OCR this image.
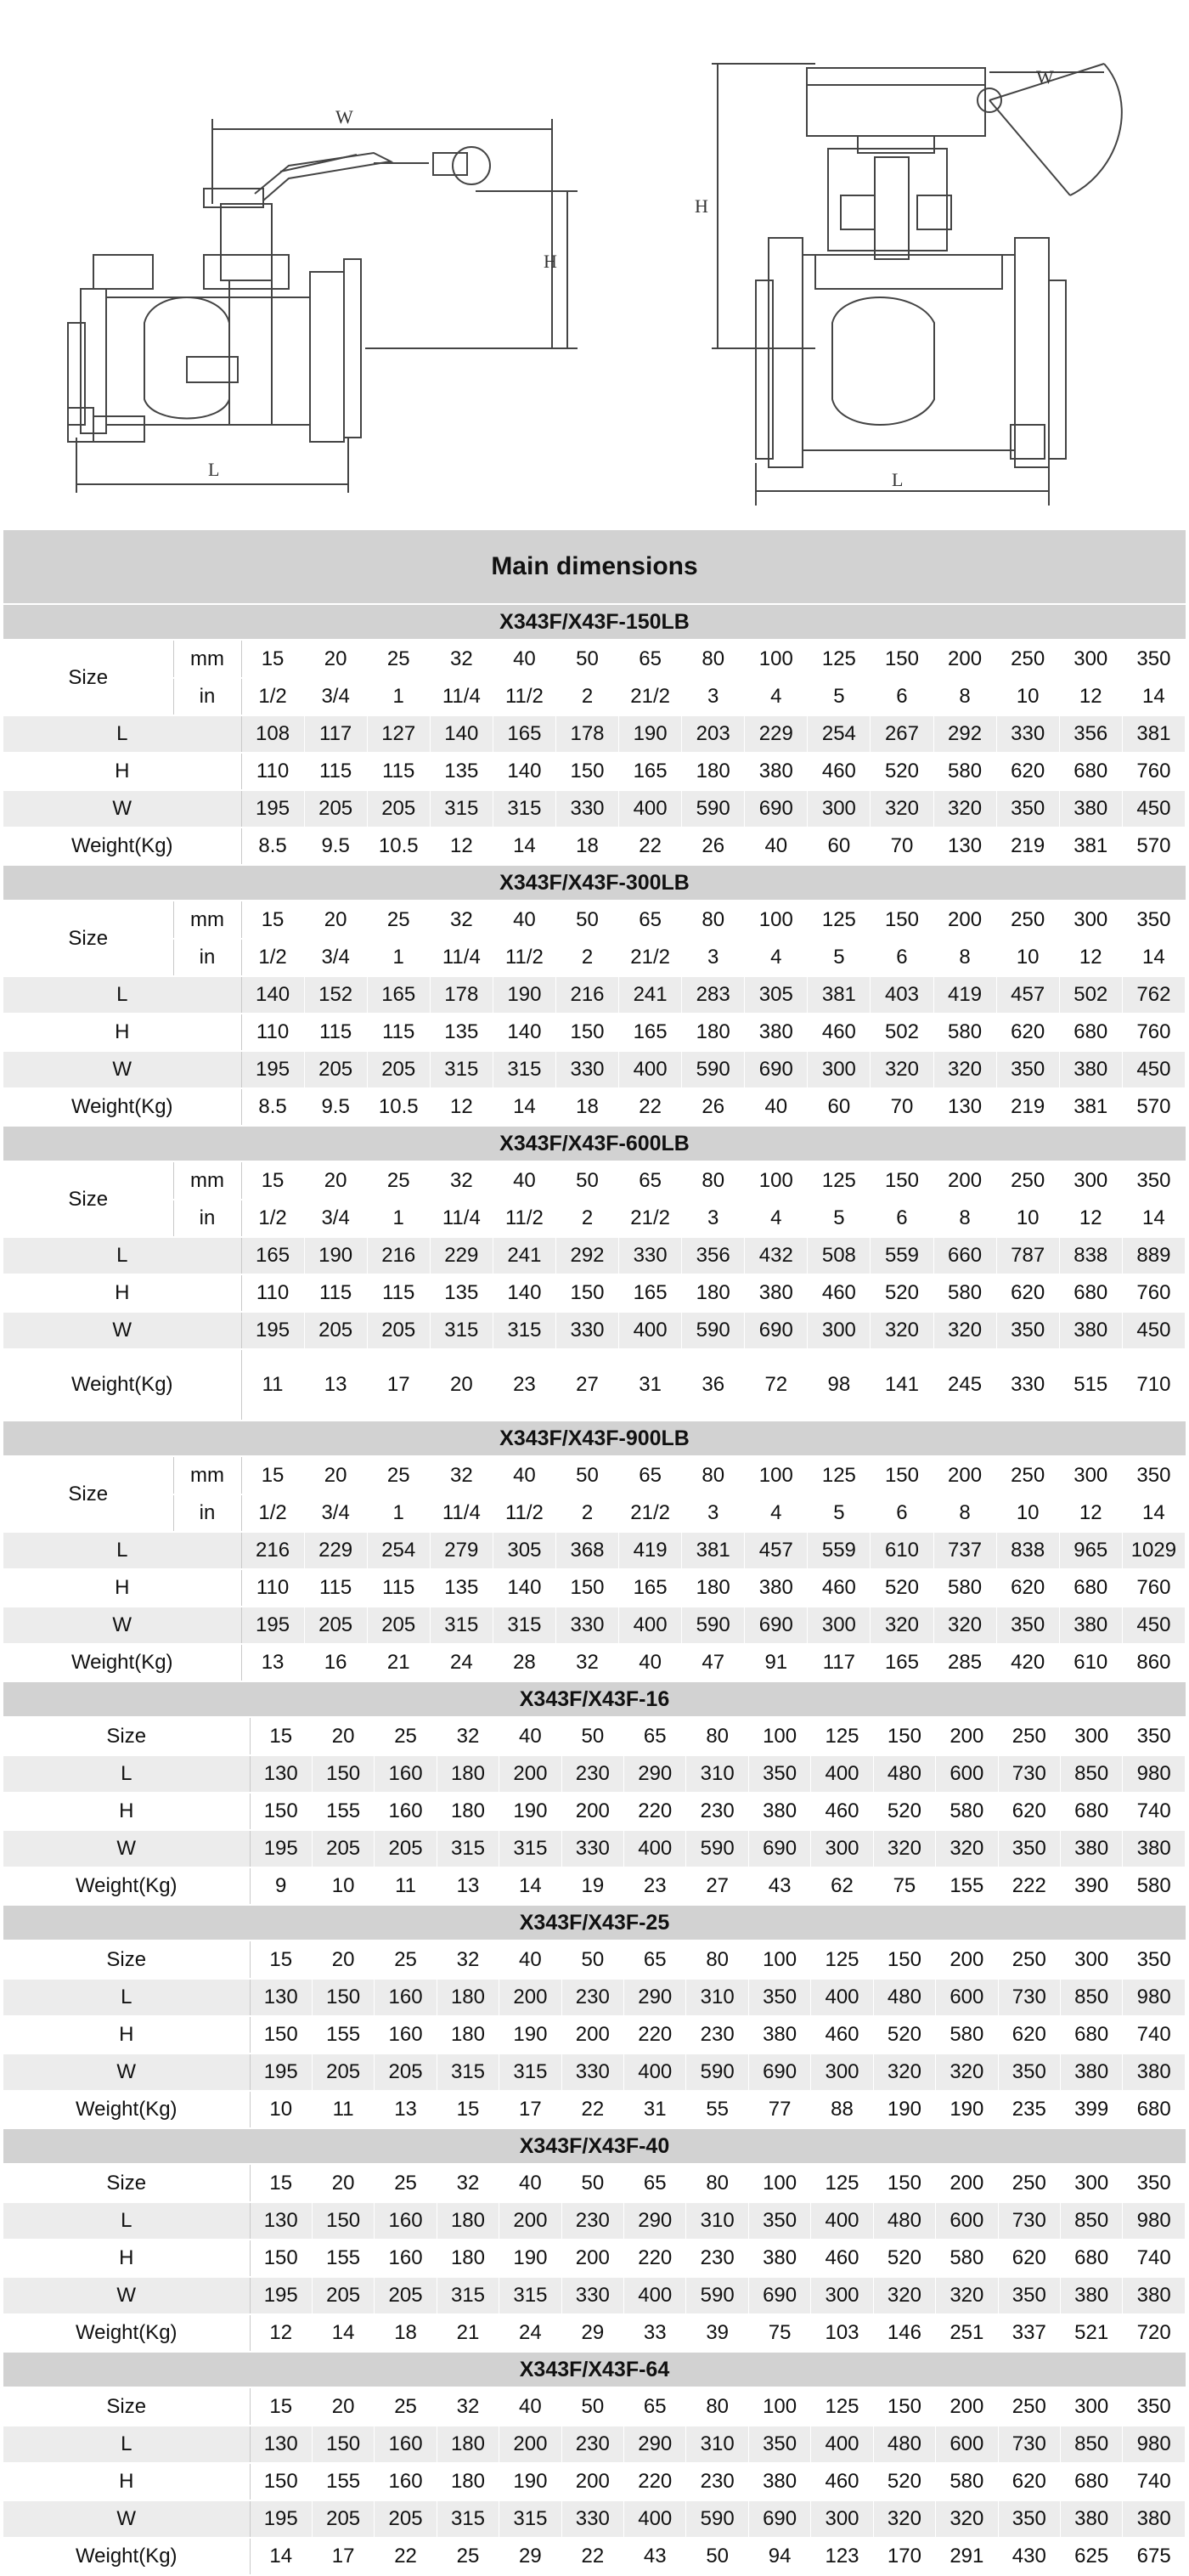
W
H
L
W
H
L
Main dimensions
X343F/X43F-150LB
Size	mm	15	20	25	32	40	50	65	80	100	125	150	200	250	300	350
	in	1/2	3/4	1	11/4	11/2	2	21/2	3	4	5	6	8	10	12	14
L		108	117	127	140	165	178	190	203	229	254	267	292	330	356	381
H		110	115	115	135	140	150	165	180	380	460	520	580	620	680	760
W		195	205	205	315	315	330	400	590	690	300	320	320	350	380	450
Weight(Kg)		8.5	9.5	10.5	12	14	18	22	26	40	60	70	130	219	381	570
X343F/X43F-300LB
Size	mm	15	20	25	32	40	50	65	80	100	125	150	200	250	300	350
	in	1/2	3/4	1	11/4	11/2	2	21/2	3	4	5	6	8	10	12	14
L		140	152	165	178	190	216	241	283	305	381	403	419	457	502	762
H		110	115	115	135	140	150	165	180	380	460	502	580	620	680	760
W		195	205	205	315	315	330	400	590	690	300	320	320	350	380	450
Weight(Kg)		8.5	9.5	10.5	12	14	18	22	26	40	60	70	130	219	381	570
X343F/X43F-600LB
Size	mm	15	20	25	32	40	50	65	80	100	125	150	200	250	300	350
	in	1/2	3/4	1	11/4	11/2	2	21/2	3	4	5	6	8	10	12	14
L		165	190	216	229	241	292	330	356	432	508	559	660	787	838	889
H		110	115	115	135	140	150	165	180	380	460	520	580	620	680	760
W		195	205	205	315	315	330	400	590	690	300	320	320	350	380	450
Weight(Kg)		11	13	17	20	23	27	31	36	72	98	141	245	330	515	710
X343F/X43F-900LB
Size	mm	15	20	25	32	40	50	65	80	100	125	150	200	250	300	350
	in	1/2	3/4	1	11/4	11/2	2	21/2	3	4	5	6	8	10	12	14
L		216	229	254	279	305	368	419	381	457	559	610	737	838	965	1029
H		110	115	115	135	140	150	165	180	380	460	520	580	620	680	760
W		195	205	205	315	315	330	400	590	690	300	320	320	350	380	450
Weight(Kg)		13	16	21	24	28	32	40	47	91	117	165	285	420	610	860
X343F/X43F-16
Size	15	20	25	32	40	50	65	80	100	125	150	200	250	300	350
L	130	150	160	180	200	230	290	310	350	400	480	600	730	850	980
H	150	155	160	180	190	200	220	230	380	460	520	580	620	680	740
W	195	205	205	315	315	330	400	590	690	300	320	320	350	380	380
Weight(Kg)	9	10	11	13	14	19	23	27	43	62	75	155	222	390	580
X343F/X43F-25
Size	15	20	25	32	40	50	65	80	100	125	150	200	250	300	350
L	130	150	160	180	200	230	290	310	350	400	480	600	730	850	980
H	150	155	160	180	190	200	220	230	380	460	520	580	620	680	740
W	195	205	205	315	315	330	400	590	690	300	320	320	350	380	380
Weight(Kg)	10	11	13	15	17	22	31	55	77	88	190	190	235	399	680
X343F/X43F-40
Size	15	20	25	32	40	50	65	80	100	125	150	200	250	300	350
L	130	150	160	180	200	230	290	310	350	400	480	600	730	850	980
H	150	155	160	180	190	200	220	230	380	460	520	580	620	680	740
W	195	205	205	315	315	330	400	590	690	300	320	320	350	380	380
Weight(Kg)	12	14	18	21	24	29	33	39	75	103	146	251	337	521	720
X343F/X43F-64
Size	15	20	25	32	40	50	65	80	100	125	150	200	250	300	350
L	130	150	160	180	200	230	290	310	350	400	480	600	730	850	980
H	150	155	160	180	190	200	220	230	380	460	520	580	620	680	740
W	195	205	205	315	315	330	400	590	690	300	320	320	350	380	380
Weight(Kg)	14	17	22	25	29	22	43	50	94	123	170	291	430	625	675
